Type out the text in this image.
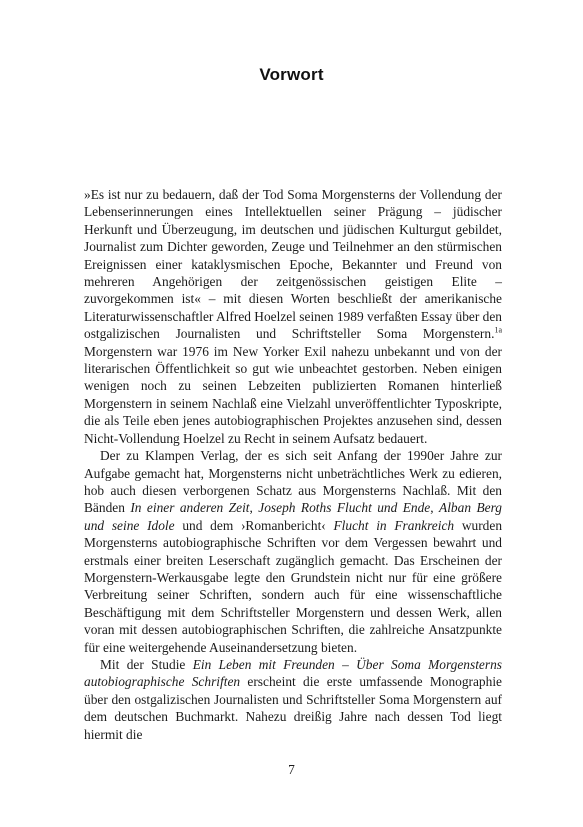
Vorwort

»Es ist nur zu bedauern, daß der Tod Soma Morgensterns der Vollendung der Lebenserinnerungen eines Intellektuellen seiner Prägung – jüdischer Herkunft und Überzeugung, im deutschen und jüdischen Kulturgut gebildet, Journalist zum Dichter geworden, Zeuge und Teilnehmer an den stürmischen Ereignissen einer kataklysmischen Epoche, Bekannter und Freund von mehreren Angehörigen der zeitgenössischen geistigen Elite – zuvorgekommen ist« – mit diesen Worten beschließt der amerikanische Literaturwissenschaftler Alfred Hoelzel seinen 1989 verfaßten Essay über den ostgalizischen Journalisten und Schriftsteller Soma Morgenstern.$^{1a}$ Morgenstern war 1976 im New Yorker Exil nahezu unbekannt und von der literarischen Öffentlichkeit so gut wie unbeachtet gestorben. Neben einigen wenigen noch zu seinen Lebzeiten publizierten Romanen hinterließ Morgenstern in seinem Nachlaß eine Vielzahl unveröffentlichter Typoskripte, die als Teile eben jenes autobiographischen Projektes anzusehen sind, dessen Nicht-Vollendung Hoelzel zu Recht in seinem Aufsatz bedauert.

Der zu Klampen Verlag, der es sich seit Anfang der 1990er Jahre zur Aufgabe gemacht hat, Morgensterns nicht unbeträchtliches Werk zu edieren, hob auch diesen verborgenen Schatz aus Morgensterns Nachlaß. Mit den Bänden In einer anderen Zeit, Joseph Roths Flucht und Ende, Alban Berg und seine Idole und dem ›Romanbericht‹ Flucht in Frankreich wurden Morgensterns autobiographische Schriften vor dem Vergessen bewahrt und erstmals einer breiten Leserschaft zugänglich gemacht. Das Erscheinen der Morgenstern-Werkausgabe legte den Grundstein nicht nur für eine größere Verbreitung seiner Schriften, sondern auch für eine wissenschaftliche Beschäftigung mit dem Schriftsteller Morgenstern und dessen Werk, allen voran mit dessen autobiographischen Schriften, die zahlreiche Ansatzpunkte für eine weitergehende Auseinandersetzung bieten.

Mit der Studie Ein Leben mit Freunden – Über Soma Morgensterns autobiographische Schriften erscheint die erste umfassende Monographie über den ostgalizischen Journalisten und Schriftsteller Soma Morgenstern auf dem deutschen Buchmarkt. Nahezu dreißig Jahre nach dessen Tod liegt hiermit die

7
